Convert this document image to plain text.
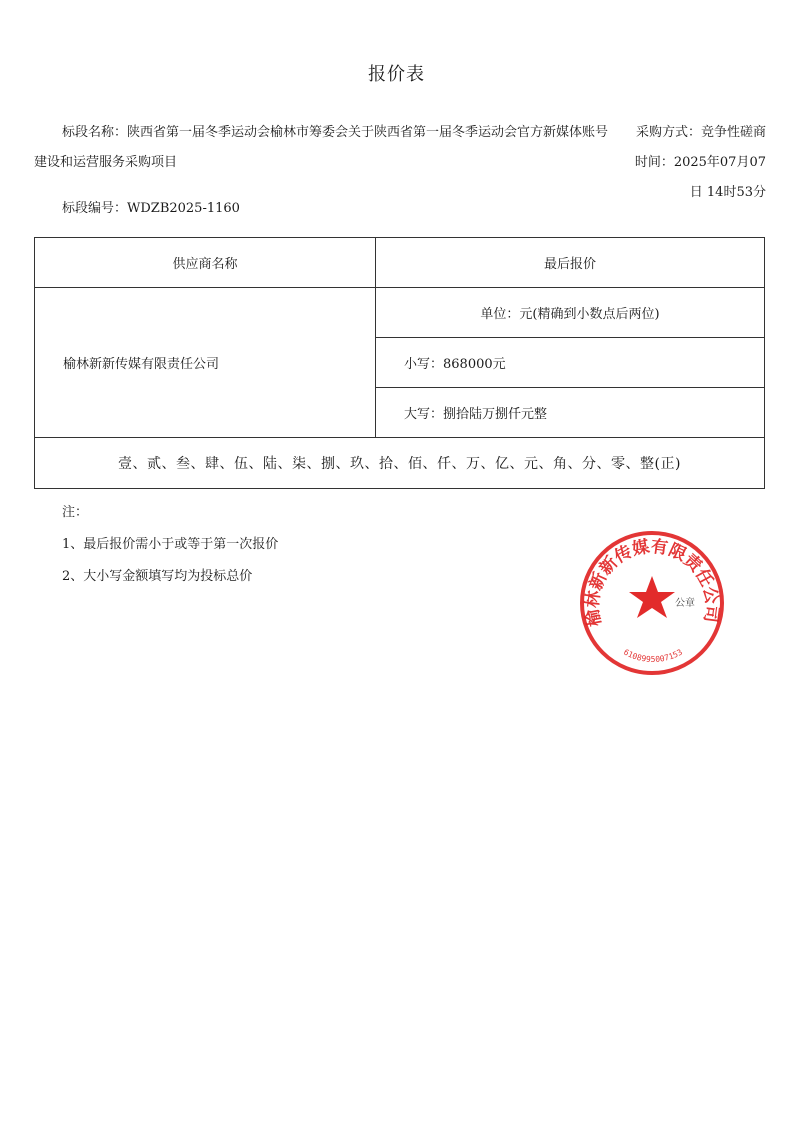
报价表
标段名称：陕西省第一届冬季运动会榆林市筹委会关于陕西省第一届冬季运动会官方新媒体账号建设和运营服务采购项目
标段编号：WDZB2025-1160
采购方式：竞争性磋商
时间：2025年07月07日 14时53分
供应商名称	最后报价
榆林新新传媒有限责任公司	单位：元(精确到小数点后两位)
	小写：868000元
	大写：捌拾陆万捌仟元整
壹、贰、叁、肆、伍、陆、柒、捌、玖、拾、佰、仟、万、亿、元、角、分、零、整(正)	
注：
1、最后报价需小于或等于第一次报价
2、大小写金额填写均为投标总价
榆林新新传媒有限责任公司
公章
6108995007153
